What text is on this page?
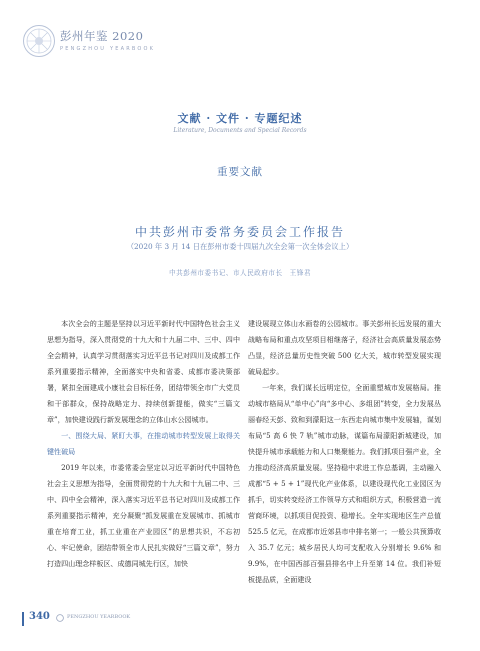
彭州年鉴 2020
PENGZHOU YEARBOOK
文献 · 文件 · 专题纪述
Literature, Documents and Special Records
重要文献
中共彭州市委常务委员会工作报告
（2020 年 3 月 14 日在彭州市委十四届九次全会第一次全体会议上）
中共彭州市委书记、市人民政府市长　王锋君

本次全会的主题是坚持以习近平新时代中国特色社会主义思想为指导，深入贯彻党的十九大和十九届二中、三中、四中全会精神，认真学习贯彻落实习近平总书记对四川及成都工作系列重要指示精神，全面落实中央和省委、成都市委决策部署，紧扣全面建成小康社会目标任务，团结带领全市广大党员和干部群众，保持战略定力、持续创新提能，做实“三篇文章”，加快建设践行新发展理念的立体山水公园城市。

一、围绕大局、紧盯大事，在推动城市转型发展上取得关键性破局

2019 年以来，市委常委会坚定以习近平新时代中国特色社会主义思想为指导，全面贯彻党的十九大和十九届二中、三中、四中全会精神，深入落实习近平总书记对四川及成都工作系列重要指示精神，充分凝聚“抓发展重在发展城市、抓城市重在培育工业，抓工业重在产业园区”的思想共识，不忘初心、牢记使命，团结带领全市人民扎实做好“三篇文章”，努力打造四山理念样板区、成德同城先行区，加快

建设展现立体山水画卷的公园城市。事关彭州长远发展的重大战略布局和重点攻坚项目相继落子，经济社会高质量发展态势凸显，经济总量历史性突破 500 亿大关，城市转型发展实现破局起步。

一年来，我们谋长远明定位，全面重塑城市发展格局。推动城市格局从“单中心”向“多中心、多组团”转变，全力发展丛丽春经天彭、致和到濛阳这一东西走向城市集中发展轴，谋划布局“5 高 6 快 7 轨”城市动脉，谋篇布局濛阳新城建设，加快提升城市承载能力和人口集聚能力。我们抓项目强产业，全力推动经济高质量发展。坚持稳中求进工作总基调，主动融入成都“5 + 5 + 1”现代化产业体系，以建设现代化工业园区为抓手，切实转变经济工作领导方式和组织方式，积极营造一流营商环境，以抓项目促投资、稳增长。全年实现地区生产总值 525.5 亿元，在成都市近郊县市中排名第一；一般公共预算收入 35.7 亿元；城乡居民人均可支配收入分别增长 9.6% 和 9.9%，在中国西部百强县排名中上升至第 14 位。我们补短板提品质，全面建设

340	PENGZHOU YEARBOOK
